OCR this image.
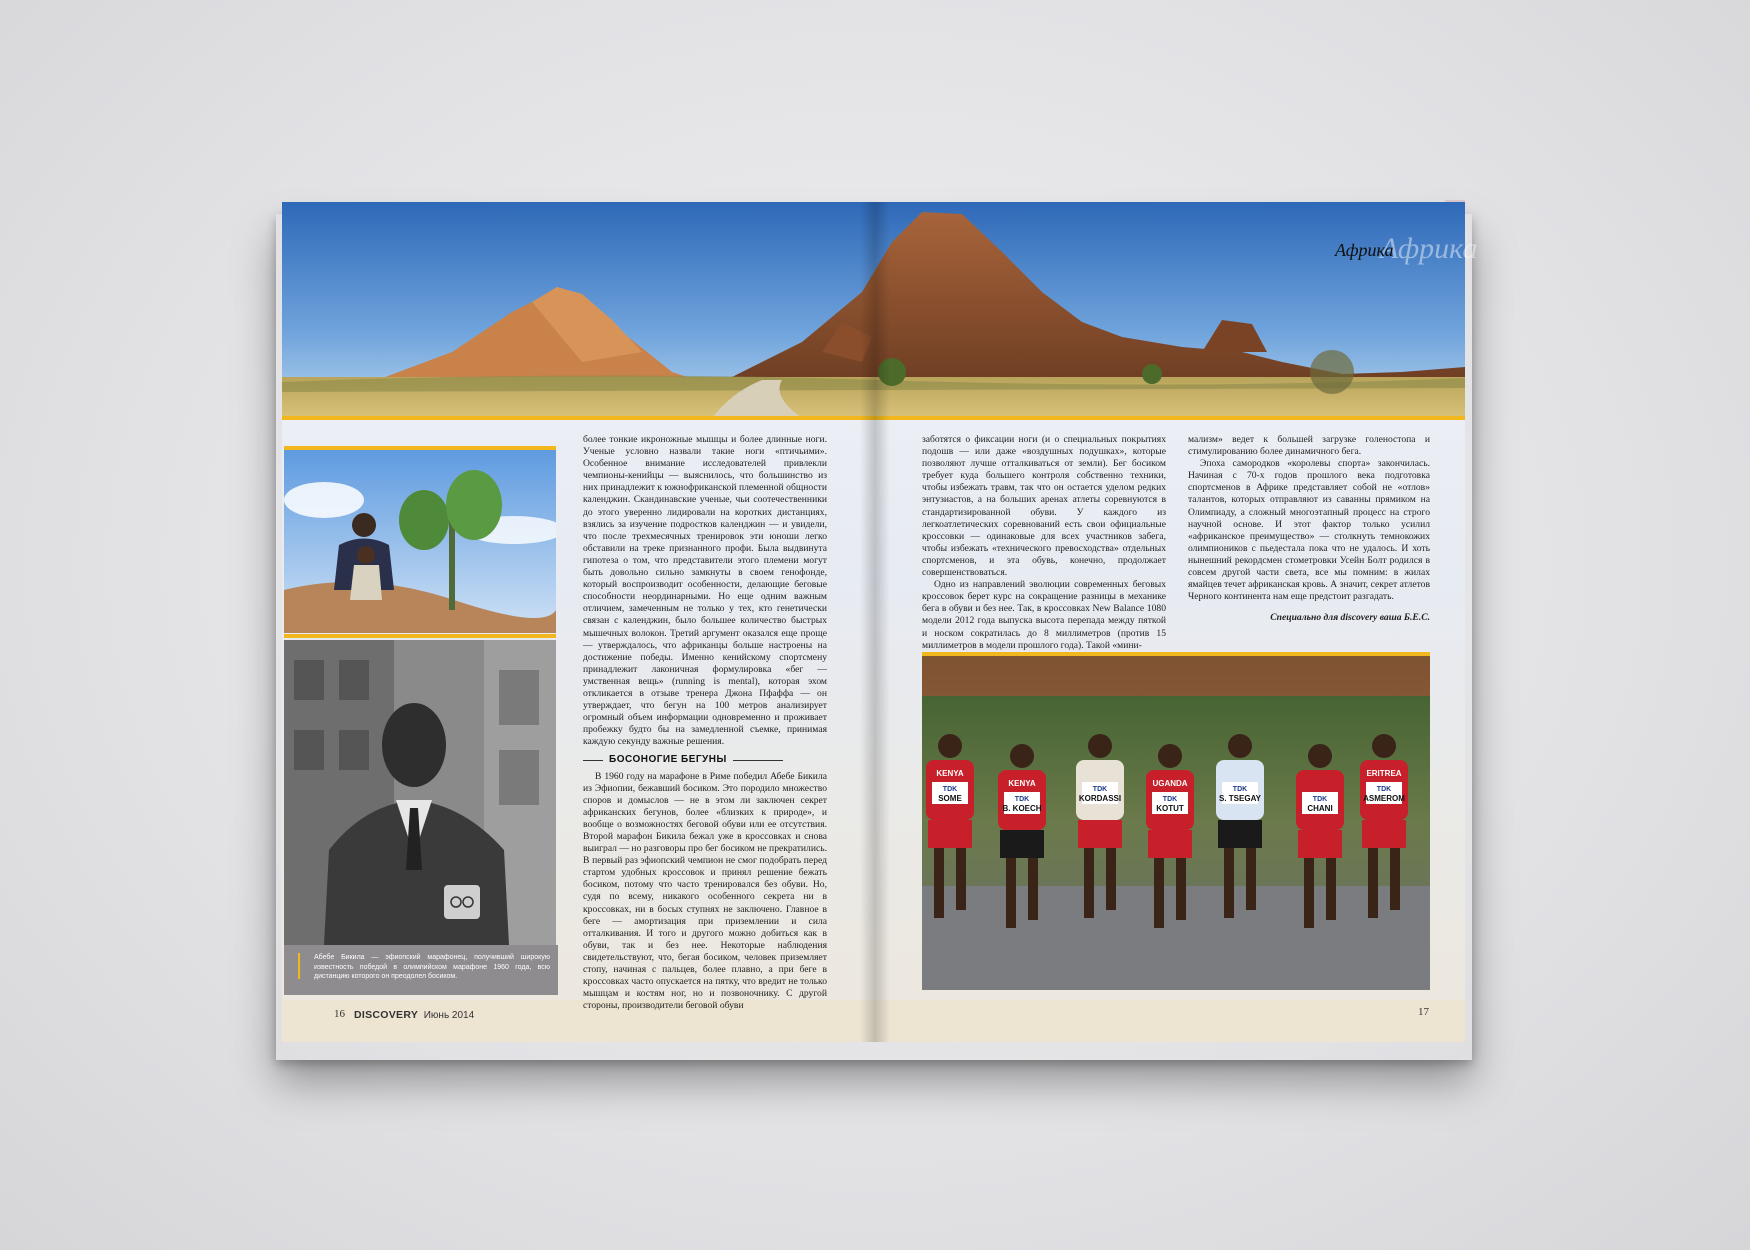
Африка
Африка
Абебе Бикила — эфиопский марафонец, получивший широкую известность победой в олимпийском марафоне 1960 года, всю дистанцию которого он преодолел босиком.

более тонкие икроножные мышцы и более длинные ноги. Ученые условно назвали такие ноги «птичьими». Особенное внимание исследователей привлекли чемпионы-кенийцы — выяснилось, что большинство из них принадлежит к южнофриканской племенной общности календжин. Скандинавские ученые, чьи соотечественники до этого уверенно лидировали на коротких дистанциях, взялись за изучение подростков календжин — и увидели, что после трехмесячных тренировок эти юноши легко обставили на треке признанного профи. Была выдвинута гипотеза о том, что представители этого племени могут быть довольно сильно замкнуты в своем генофонде, который воспроизводит особенности, делающие беговые способности неординарными. Но еще одним важным отличием, замеченным не только у тех, кто генетически связан с календжин, было большее количество быстрых мышечных волокон. Третий аргумент оказался еще проще — утверждалось, что африканцы больше настроены на достижение победы. Именно кенийскому спортсмену принадлежит лаконичная формулировка «бег — умственная вещь» (running is mental), которая эхом откликается в отзыве тренера Джона Пфаффа — он утверждает, что бегун на 100 метров анализирует огромный объем информации одновременно и проживает пробежку будто бы на замедленной съемке, принимая каждую секунду важные решения.

БОСОНОГИЕ БЕГУНЫ

В 1960 году на марафоне в Риме победил Абебе Бикила из Эфиопии, бежавший босиком. Это породило множество споров и домыслов — не в этом ли заключен секрет африканских бегунов, более «близких к природе», и вообще о возможностях беговой обуви или ее отсутствия. Второй марафон Бикила бежал уже в кроссовках и снова выиграл — но разговоры про бег босиком не прекратились. В первый раз эфиопский чемпион не смог подобрать перед стартом удобных кроссовок и принял решение бежать босиком, потому что часто тренировался без обуви. Но, судя по всему, никакого особенного секрета ни в кроссовках, ни в босых ступнях не заключено. Главное в беге — амортизация при приземлении и сила отталкивания. И того и другого можно добиться как в обуви, так и без нее. Некоторые наблюдения свидетельствуют, что, бегая босиком, человек приземляет стопу, начиная с пальцев, более плавно, а при беге в кроссовках часто опускается на пятку, что вредит не только мышцам и костям ног, но и позвоночнику. С другой стороны, производители беговой обуви

заботятся о фиксации ноги (и о специальных покрытиях подошв — или даже «воздушных подушках», которые позволяют лучше отталкиваться от земли). Бег босиком требует куда большего контроля собственно техники, чтобы избежать травм, так что он остается уделом редких энтузиастов, а на больших аренах атлеты соревнуются в стандартизированной обуви. У каждого из легкоатлетических соревнований есть свои официальные кроссовки — одинаковые для всех участников забега, чтобы избежать «технического превосходства» отдельных спортсменов, и эта обувь, конечно, продолжает совершенствоваться.

Одно из направлений эволюции современных беговых кроссовок берет курс на сокращение разницы в механике бега в обуви и без нее. Так, в кроссовках New Balance 1080 модели 2012 года выпуска высота перепада между пяткой и носком сократилась до 8 миллиметров (против 15 миллиметров в модели прошлого года). Такой «мини-

мализм» ведет к большей загрузке голеностопа и стимулированию более динамичного бега.

Эпоха самородков «королевы спорта» закончилась. Начиная с 70-х годов прошлого века подготовка спортсменов в Африке представляет собой не «отлов» талантов, которых отправляют из саванны прямиком на Олимпиаду, а сложный многоэтапный процесс на строго научной основе. И этот фактор только усилил «африканское преимущество» — столкнуть темнокожих олимпиоников с пьедестала пока что не удалось. И хоть нынешний рекордсмен стометровки Усейн Болт родился в совсем другой части света, все мы помним: в жилах ямайцев течет африканская кровь. А значит, секрет атлетов Черного континента нам еще предстоит разгадать.

Специально для discovery ваша Б.Е.С.
TDK
SOME
KENYA
TDK
B. KOECH
KENYA
TDK
KORDASSI	TDK
KOTUT
UGANDA
TDK
S. TSEGAY	TDK
CHANI
TDK
ASMEROM
ERITREA
16 DISCOVERY Июнь 2014	17
